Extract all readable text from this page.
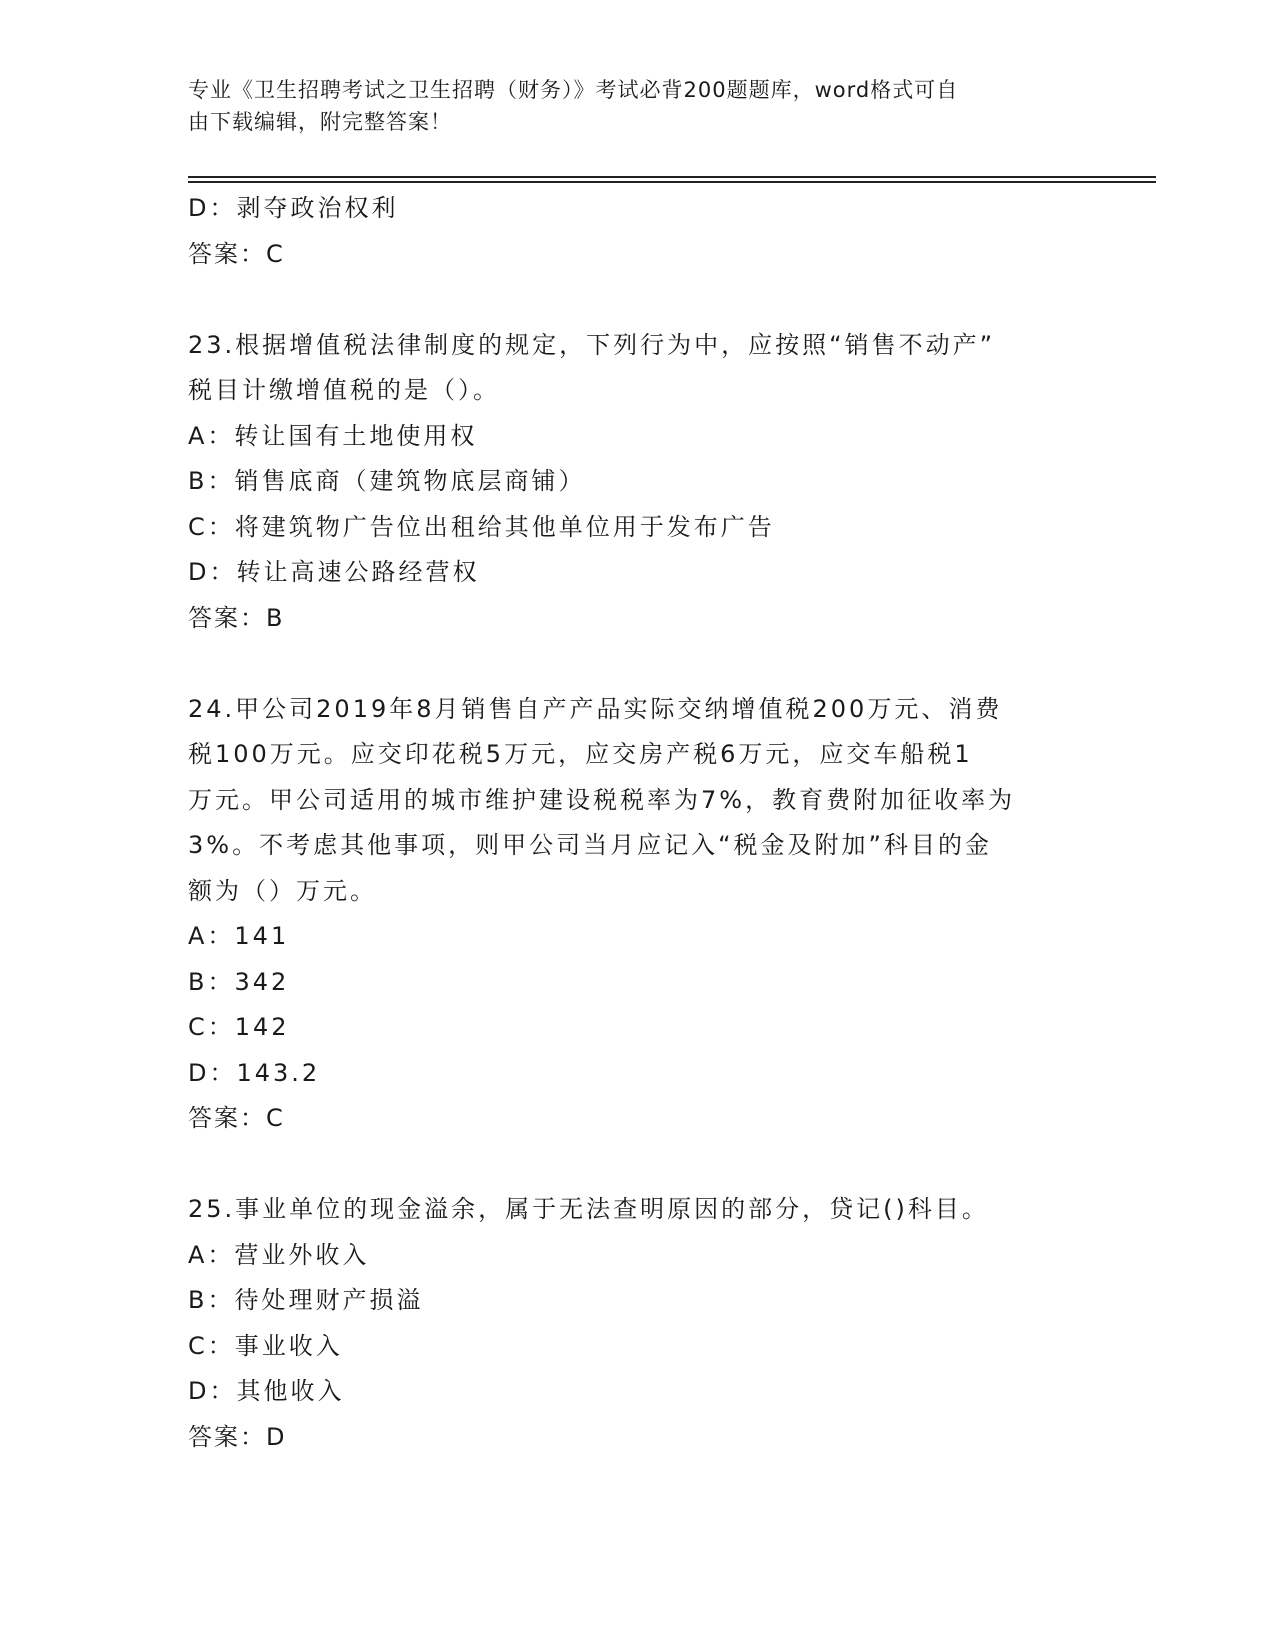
专业《卫生招聘考试之卫生招聘（财务）》考试必背200题题库，word格式可自
由下载编辑，附完整答案！
D：剥夺政治权利
答案：C
23.根据增值税法律制度的规定，下列行为中，应按照“销售不动产”
税目计缴增值税的是（）。
A：转让国有土地使用权
B：销售底商（建筑物底层商铺）
C：将建筑物广告位出租给其他单位用于发布广告
D：转让高速公路经营权
答案：B
24.甲公司2019年8月销售自产产品实际交纳增值税200万元、消费
税100万元。应交印花税5万元，应交房产税6万元，应交车船税1
万元。甲公司适用的城市维护建设税税率为7%，教育费附加征收率为
3%。不考虑其他事项，则甲公司当月应记入“税金及附加”科目的金
额为（）万元。
A：141
B：342
C：142
D：143.2
答案：C
25.事业单位的现金溢余，属于无法查明原因的部分，贷记()科目。
A：营业外收入
B：待处理财产损溢
C：事业收入
D：其他收入
答案：D
